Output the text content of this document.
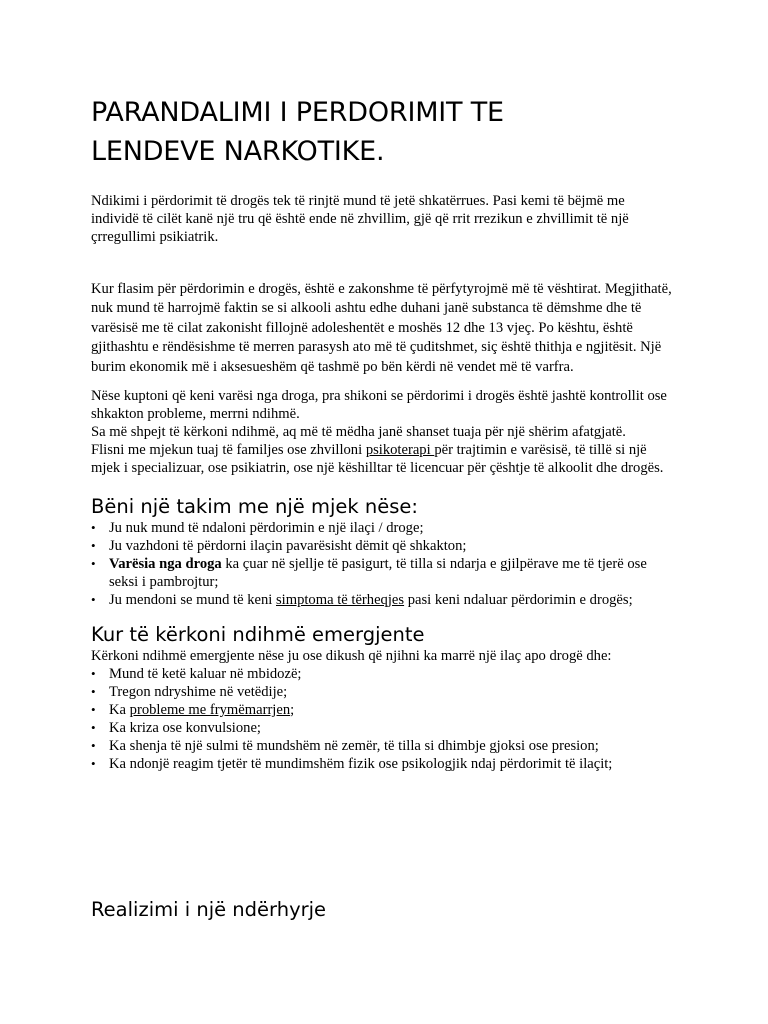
PARANDALIMI I PERDORIMIT TE
LENDEVE NARKOTIKE.

Ndikimi i përdorimit të drogës tek të rinjtë mund të jetë shkatërrues. Pasi kemi të bëjmë me individë të cilët kanë një tru që është ende në zhvillim, gjë që rrit rrezikun e zhvillimit të një çrregullimi psikiatrik.

Kur flasim për përdorimin e drogës, është e zakonshme të përfytyrojmë më të vështirat. Megjithatë, nuk mund të harrojmë faktin se si alkooli ashtu edhe duhani janë substanca të dëmshme dhe të varësisë me të cilat zakonisht fillojnë adoleshentët e moshës 12 dhe 13 vjeç. Po kështu, është gjithashtu e rëndësishme të merren parasysh ato më të çuditshmet, siç është thithja e ngjitësit. Një burim ekonomik më i aksesueshëm që tashmë po bën kërdi në vendet më të varfra.

Nëse kuptoni që keni varësi nga droga, pra shikoni se përdorimi i drogës është jashtë kontrollit ose shkakton probleme, merrni ndihmë.
Sa më shpejt të kërkoni ndihmë, aq më të mëdha janë shanset tuaja për një shërim afatgjatë.
Flisni me mjekun tuaj të familjes ose zhvilloni psikoterapi për trajtimin e varësisë, të tillë si një mjek i specializuar, ose psikiatrin, ose një këshilltar të licencuar për çështje të alkoolit dhe drogës.

Bëni një takim me një mjek nëse:
• Ju nuk mund të ndaloni përdorimin e një ilaçi / droge;
• Ju vazhdoni të përdorni ilaçin pavarësisht dëmit që shkakton;
• Varësia nga droga ka çuar në sjellje të pasigurt, të tilla si ndarja e gjilpërave me të tjerë ose seksi i pambrojtur;
• Ju mendoni se mund të keni simptoma të tërheqjes pasi keni ndaluar përdorimin e drogës;
Kur të kërkoni ndihmë emergjente

Kërkoni ndihmë emergjente nëse ju ose dikush që njihni ka marrë një ilaç apo drogë dhe:

• Mund të ketë kaluar në mbidozë;
• Tregon ndryshime në vetëdije;
• Ka probleme me frymëmarrjen;
• Ka kriza ose konvulsione;
• Ka shenja të një sulmi të mundshëm në zemër, të tilla si dhimbje gjoksi ose presion;
• Ka ndonjë reagim tjetër të mundimshëm fizik ose psikologjik ndaj përdorimit të ilaçit;
Realizimi i një ndërhyrje
